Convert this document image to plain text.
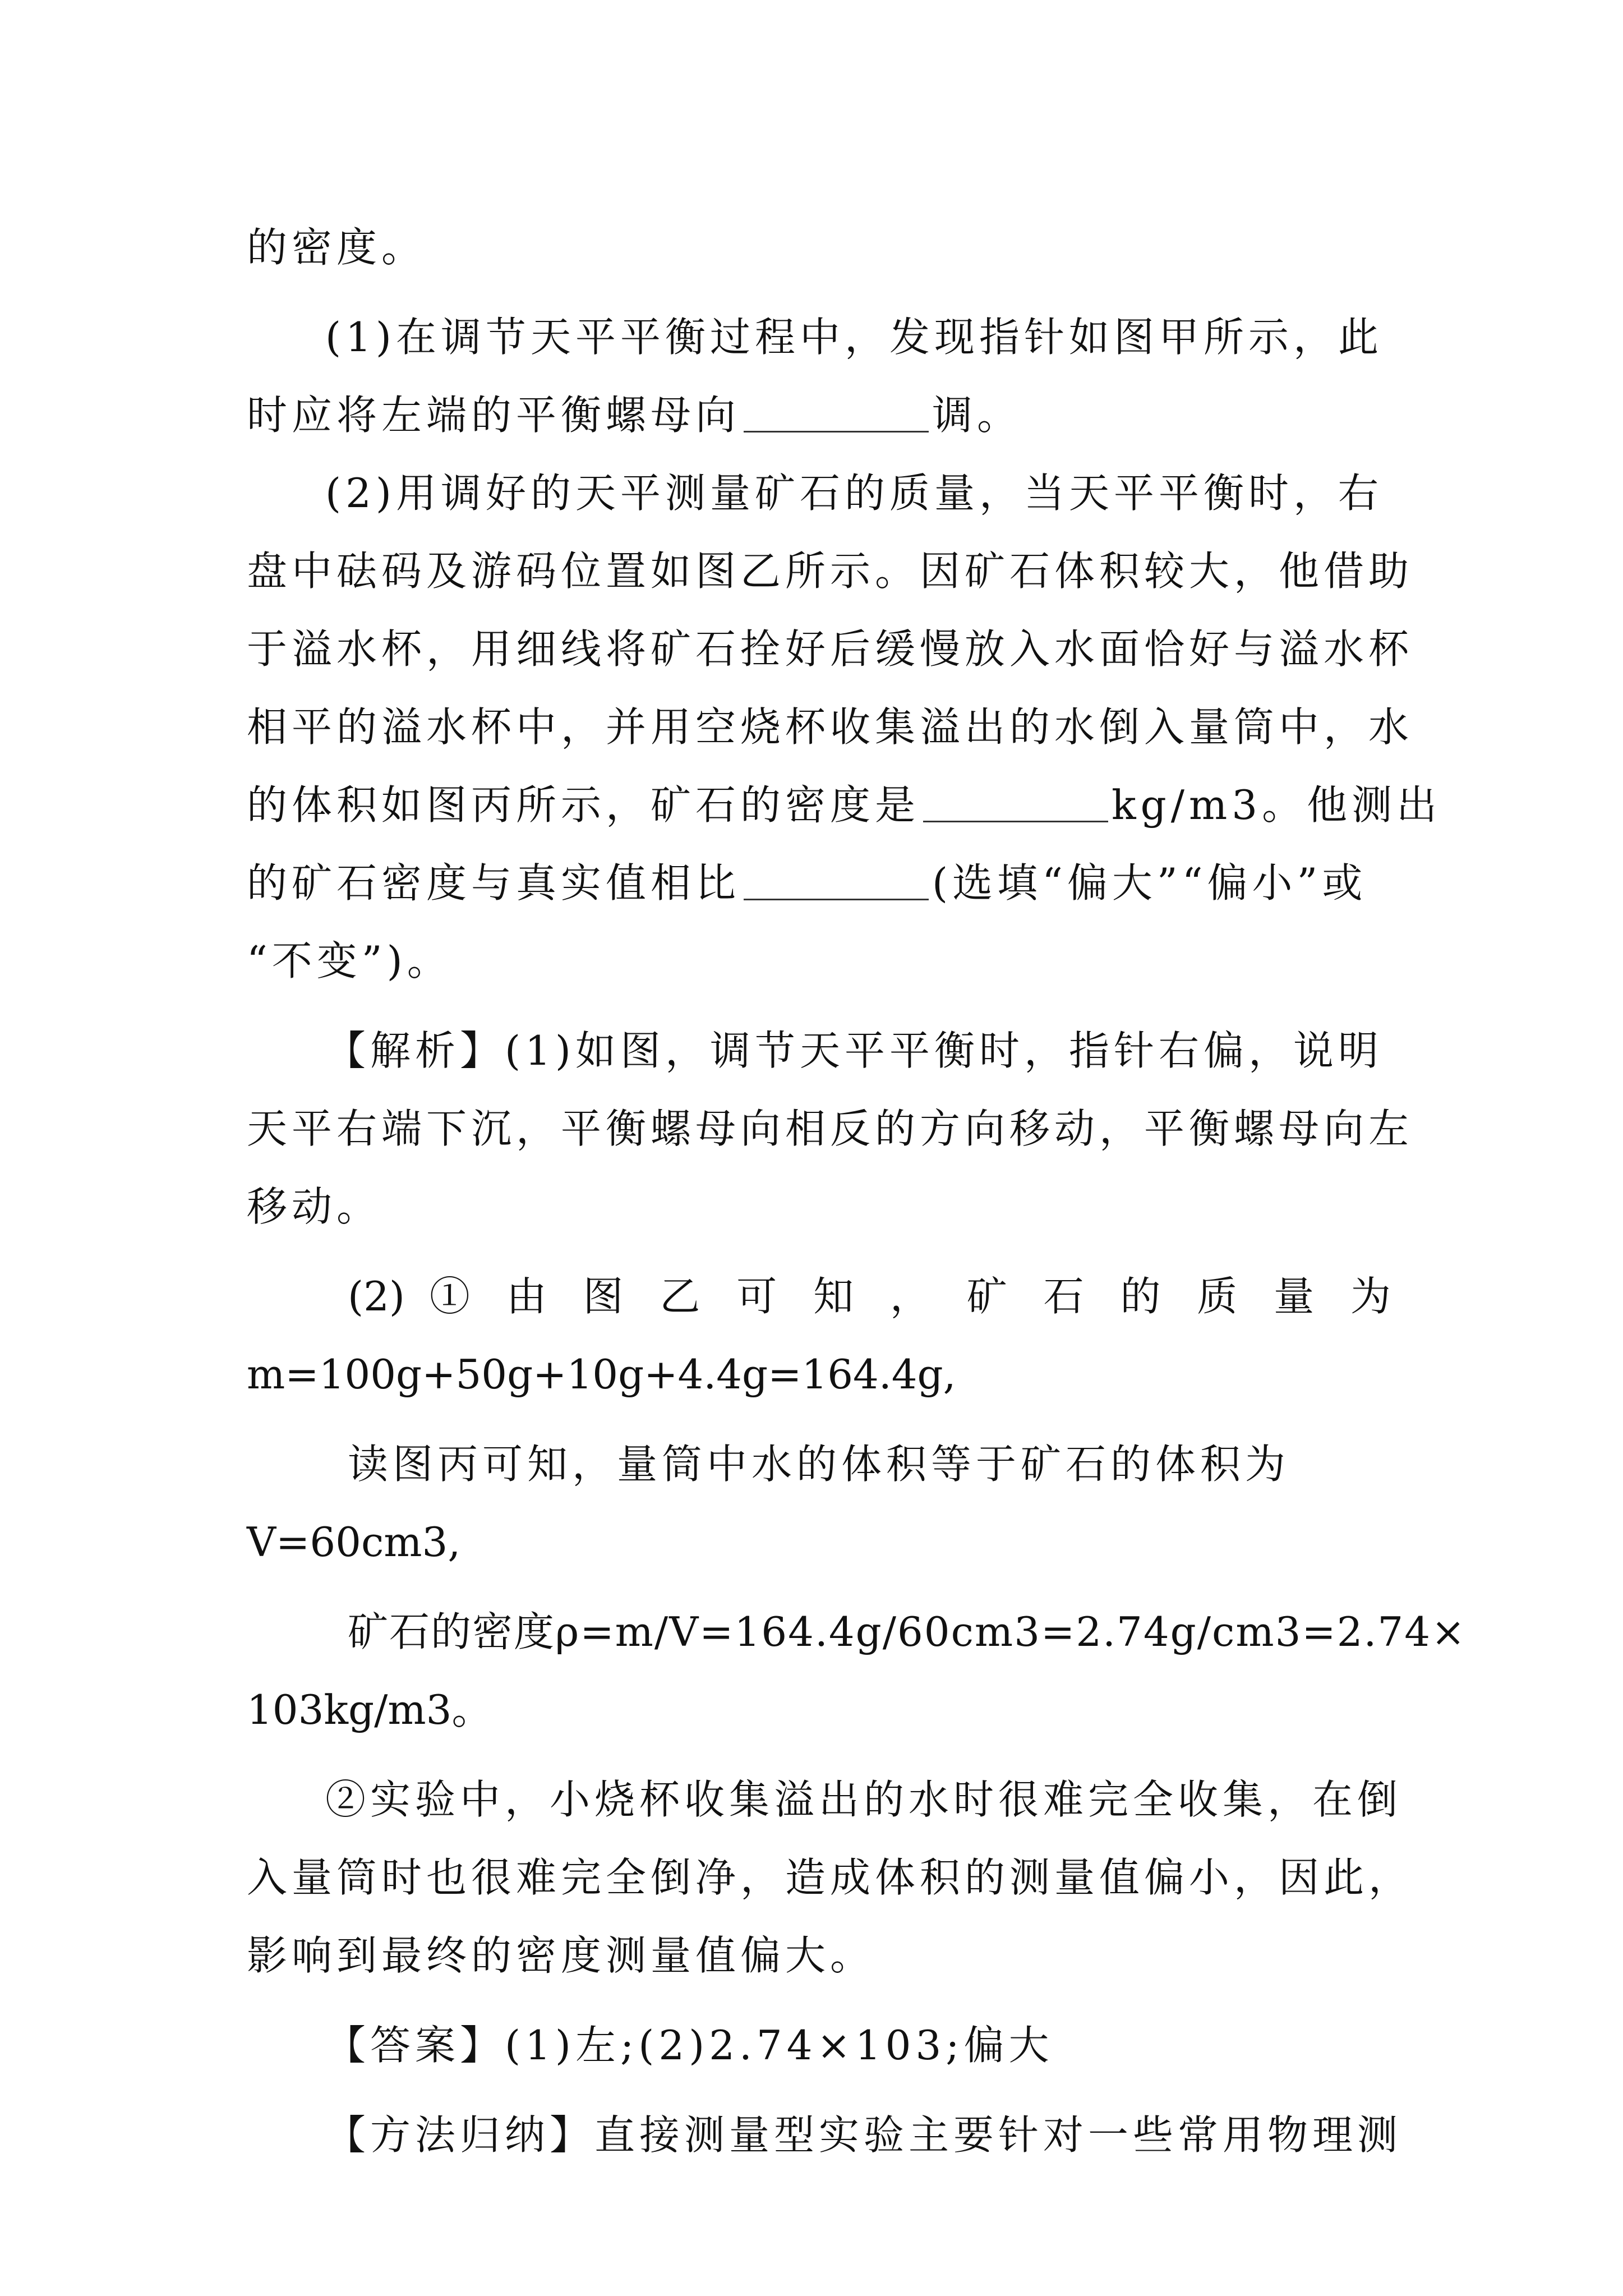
的密度。
(1)在调节天平平衡过程中，发现指针如图甲所示，此
时应将左端的平衡螺母向	调。
(2)用调好的天平测量矿石的质量，当天平平衡时，右
盘中砝码及游码位置如图乙所示。因矿石体积较大，他借助
于溢水杯，用细线将矿石拴好后缓慢放入水面恰好与溢水杯
相平的溢水杯中，并用空烧杯收集溢出的水倒入量筒中，水
的体积如图丙所示，矿石的密度是	kg/m3。他测出
的矿石密度与真实值相比	(选填“偏大”“偏小”或
“不变”)。
【解析】(1)如图，调节天平平衡时，指针右偏，说明
天平右端下沉，平衡螺母向相反的方向移动，平衡螺母向左
移动。
(2) ① 由 图 乙 可 知 ， 矿 石 的 质 量 为
m=100g+50g+10g+4.4g=164.4g,
读图丙可知，量筒中水的体积等于矿石的体积为
V=60cm3,
矿石的密度ρ=m/V=164.4g/60cm3=2.74g/cm3=2.74×
103kg/m3。
②实验中，小烧杯收集溢出的水时很难完全收集，在倒
入量筒时也很难完全倒净，造成体积的测量值偏小，因此，
影响到最终的密度测量值偏大。
【答案】(1)左;(2)2.74×103;偏大
【方法归纳】直接测量型实验主要针对一些常用物理测
